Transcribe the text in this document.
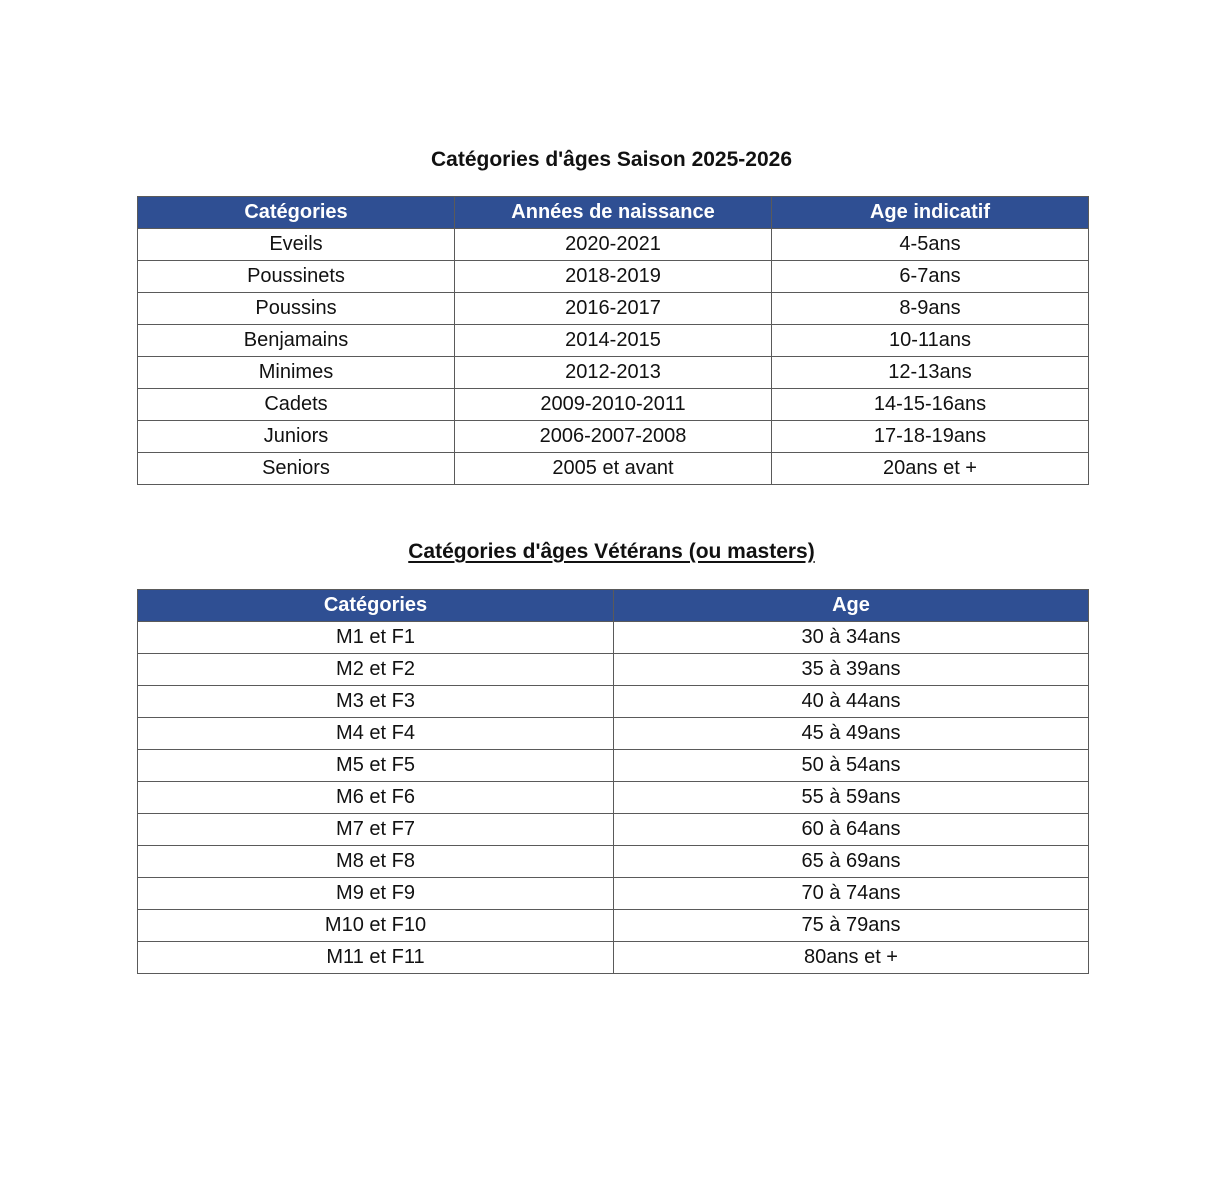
Catégories d'âges Saison 2025-2026
Catégories	Années de naissance	Age indicatif
Eveils	2020-2021	4-5ans
Poussinets	2018-2019	6-7ans
Poussins	2016-2017	8-9ans
Benjamains	2014-2015	10-11ans
Minimes	2012-2013	12-13ans
Cadets	2009-2010-2011	14-15-16ans
Juniors	2006-2007-2008	17-18-19ans
Seniors	2005 et avant	20ans et +
Catégories d'âges Vétérans (ou masters)
Catégories	Age
M1 et F1	30 à 34ans
M2 et F2	35 à 39ans
M3 et F3	40 à 44ans
M4 et F4	45 à 49ans
M5 et F5	50 à 54ans
M6 et F6	55 à 59ans
M7 et F7	60 à 64ans
M8 et F8	65 à 69ans
M9 et F9	70 à 74ans
M10 et F10	75 à 79ans
M11 et F11	80ans et +
